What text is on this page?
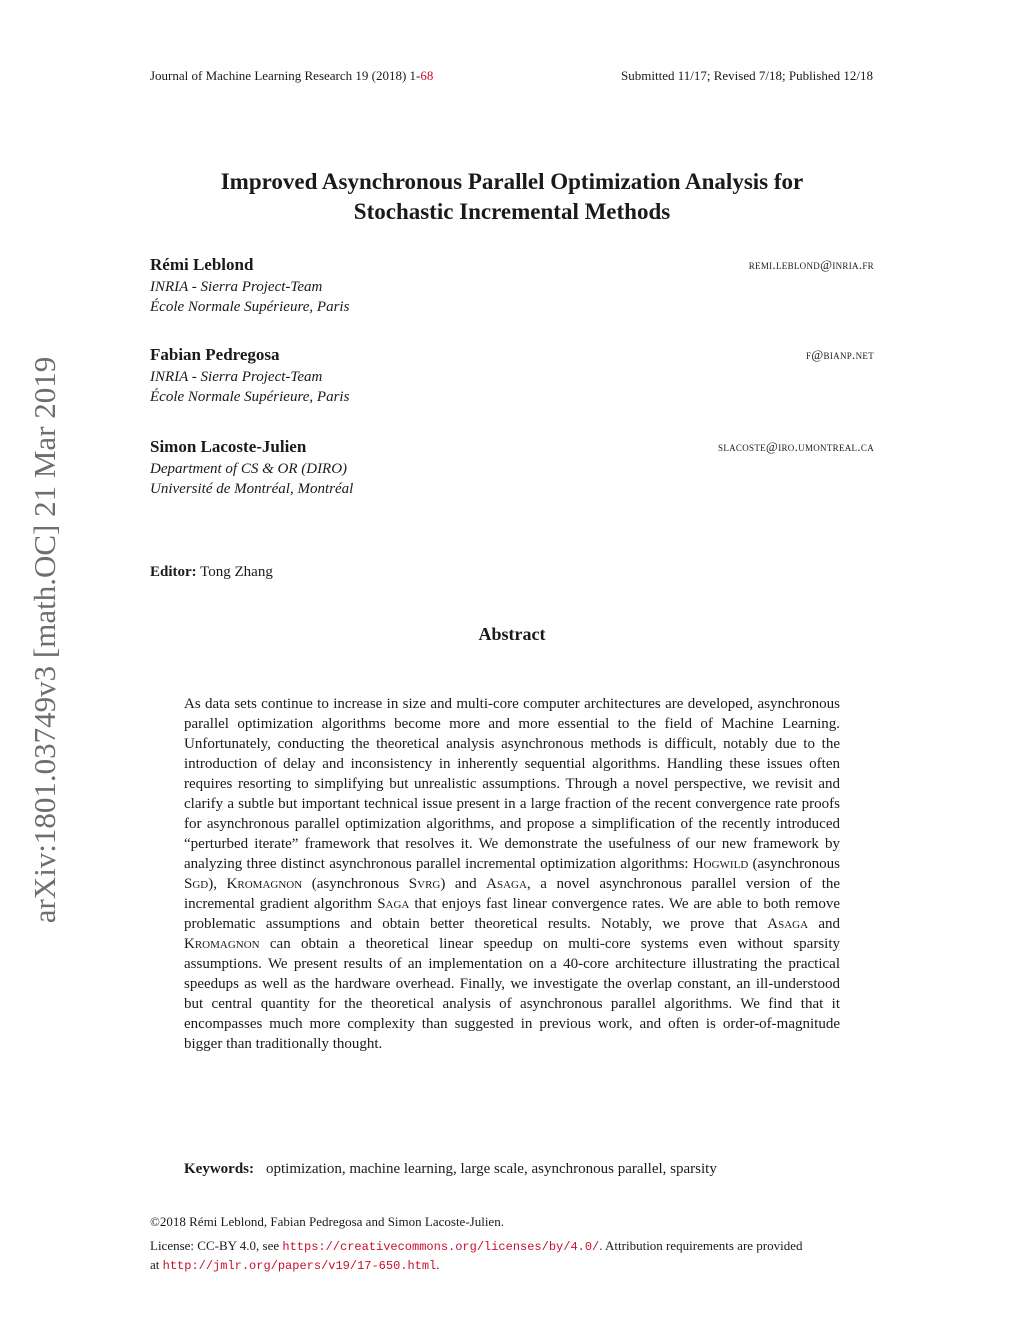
arXiv:1801.03749v3 [math.OC] 21 Mar 2019
Journal of Machine Learning Research 19 (2018) 1-68	Submitted 11/17; Revised 7/18; Published 12/18
Improved Asynchronous Parallel Optimization Analysis for
Stochastic Incremental Methods
Rémi Leblond	remi.leblond@inria.fr
INRIA - Sierra Project-Team
École Normale Supérieure, Paris
Fabian Pedregosa	f@bianp.net
INRIA - Sierra Project-Team
École Normale Supérieure, Paris
Simon Lacoste-Julien	slacoste@iro.umontreal.ca
Department of CS & OR (DIRO)
Université de Montréal, Montréal
Editor: Tong Zhang
Abstract
As data sets continue to increase in size and multi-core computer architectures are developed, asynchronous parallel optimization algorithms become more and more essential to the field of Machine Learning. Unfortunately, conducting the theoretical analysis asynchronous methods is difficult, notably due to the introduction of delay and inconsistency in inherently sequential algorithms. Handling these issues often requires resorting to simplifying but unrealistic assumptions. Through a novel perspective, we revisit and clarify a subtle but important technical issue present in a large fraction of the recent convergence rate proofs for asynchronous parallel optimization algorithms, and propose a simplification of the recently introduced “perturbed iterate” framework that resolves it. We demonstrate the usefulness of our new framework by analyzing three distinct asynchronous parallel incremental optimization algorithms: Hogwild (asynchronous Sgd), Kromagnon (asynchronous Svrg) and Asaga, a novel asynchronous parallel version of the incremental gradient algorithm Saga that enjoys fast linear convergence rates. We are able to both remove problematic assumptions and obtain better theoretical results. Notably, we prove that Asaga and Kromagnon can obtain a theoretical linear speedup on multi-core systems even without sparsity assumptions. We present results of an implementation on a 40-core architecture illustrating the practical speedups as well as the hardware overhead. Finally, we investigate the overlap constant, an ill-understood but central quantity for the theoretical analysis of asynchronous parallel algorithms. We find that it encompasses much more complexity than suggested in previous work, and often is order-of-magnitude bigger than traditionally thought.
Keywords: optimization, machine learning, large scale, asynchronous parallel, sparsity
©2018 Rémi Leblond, Fabian Pedregosa and Simon Lacoste-Julien.
License: CC-BY 4.0, see https://creativecommons.org/licenses/by/4.0/. Attribution requirements are provided
at http://jmlr.org/papers/v19/17-650.html.
